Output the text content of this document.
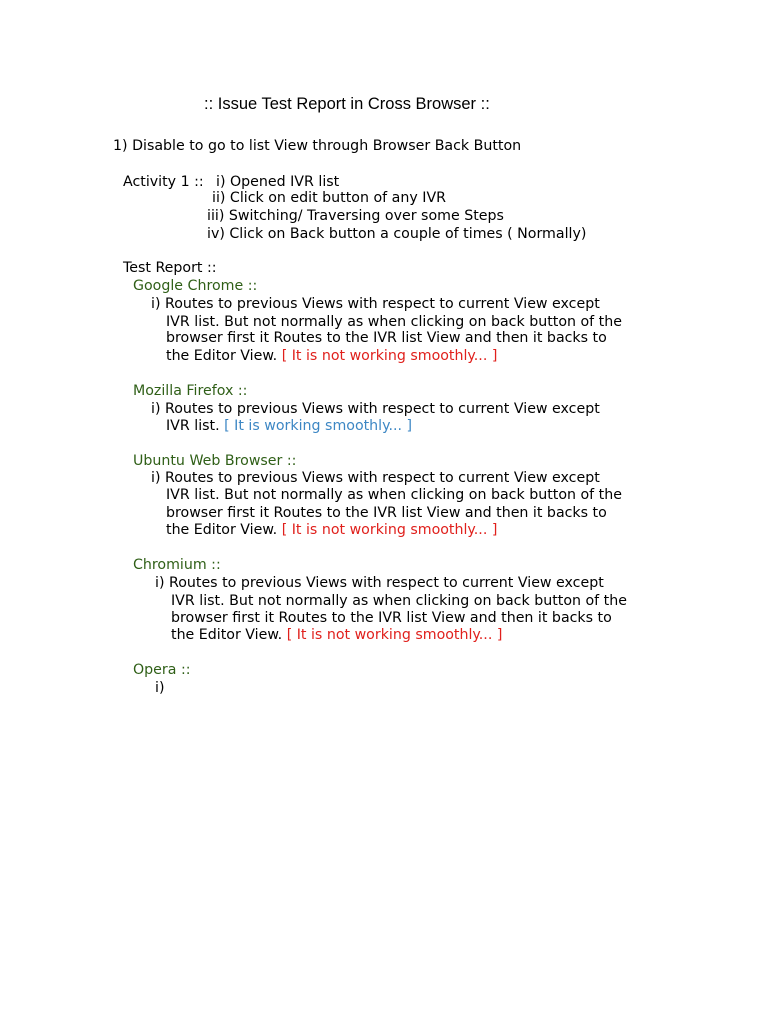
:: Issue Test Report in Cross Browser ::
1) Disable to go to list View through Browser Back Button
Activity 1 :: i) Opened IVR list
ii) Click on edit button of any IVR
iii) Switching/ Traversing over some Steps
iv) Click on Back button a couple of times ( Normally)
Test Report ::
Google Chrome ::
i) Routes to previous Views with respect to current View except
IVR list. But not normally as when clicking on back button of the
browser first it Routes to the IVR list View and then it backs to
the Editor View. [ It is not working smoothly... ]
Mozilla Firefox ::
i) Routes to previous Views with respect to current View except
IVR list. [ It is working smoothly... ]
Ubuntu Web Browser ::
i) Routes to previous Views with respect to current View except
IVR list. But not normally as when clicking on back button of the
browser first it Routes to the IVR list View and then it backs to
the Editor View. [ It is not working smoothly... ]
Chromium ::
i) Routes to previous Views with respect to current View except
IVR list. But not normally as when clicking on back button of the
browser first it Routes to the IVR list View and then it backs to
the Editor View. [ It is not working smoothly... ]
Opera ::
i)
